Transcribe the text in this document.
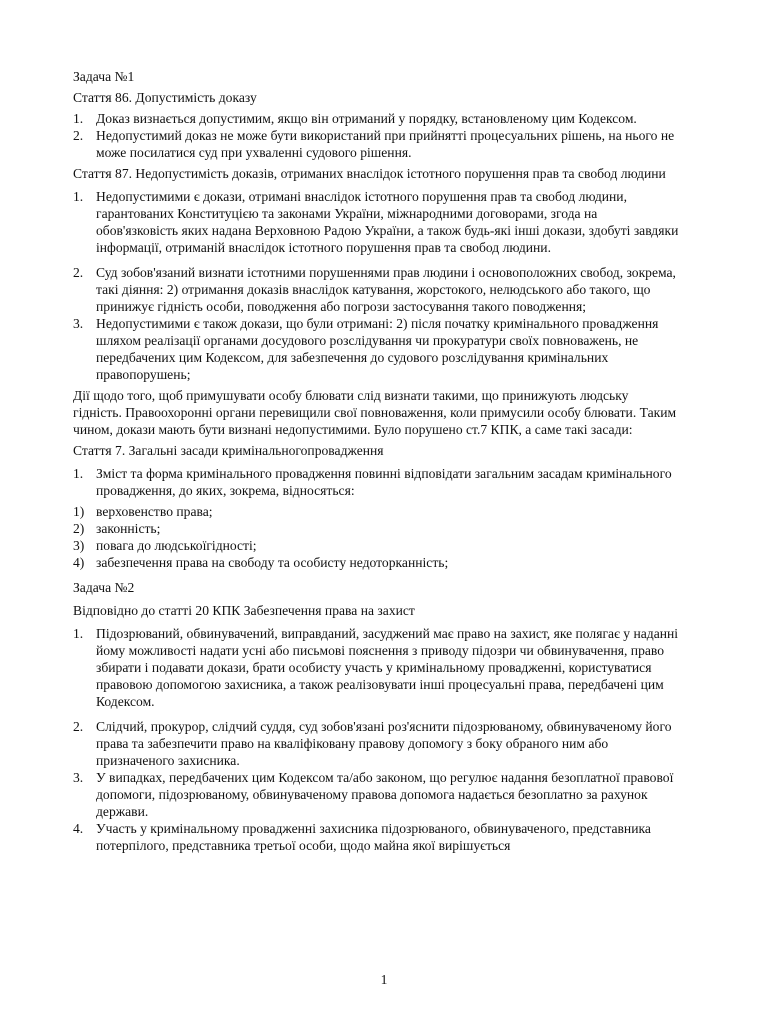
Задача №1

Стаття 86. Допустимість доказу

1. Доказ визнається допустимим, якщо він отриманий у порядку, встановленому цим Кодексом.
2. Недопустимий доказ не може бути використаний при прийнятті процесуальних рішень, на нього не може посилатися суд при ухваленні судового рішення.

Стаття 87. Недопустимість доказів, отриманих внаслідок істотного порушення прав та свобод людини

1. Недопустимими є докази, отримані внаслідок істотного порушення прав та свобод людини, гарантованих Конституцією та законами України, міжнародними договорами, згода на обов'язковість яких надана Верховною Радою України, а також будь-які інші докази, здобуті завдяки інформації, отриманій внаслідок істотного порушення прав та свобод людини.
2. Суд зобов'язаний визнати істотними порушеннями прав людини і основоположних свобод, зокрема, такі діяння: 2) отримання доказів внаслідок катування, жорстокого, нелюдського або такого, що принижує гідність особи, поводження або погрози застосування такого поводження;
3. Недопустимими є також докази, що були отримані: 2) після початку кримінального провадження шляхом реалізації органами досудового розслідування чи прокуратури своїх повноважень, не передбачених цим Кодексом, для забезпечення до судового розслідування кримінальних правопорушень;

Дії щодо того, щоб примушувати особу блювати слід визнати такими, що принижують людську гідність. Правоохоронні органи перевищили свої повноваження, коли примусили особу блювати. Таким чином, докази мають бути визнані недопустимими. Було порушено ст.7 КПК, а саме такі засади:

Стаття 7. Загальні засади кримінальногопровадження

1. Зміст та форма кримінального провадження повинні відповідати загальним засадам кримінального провадження, до яких, зокрема, відносяться:
1) верховенство права;
2) законність;
3) повага до людськоїгідності;
4) забезпечення права на свободу та особисту недоторканність;

Задача №2

Відповідно до статті 20 КПК Забезпечення права на захист

1. Підозрюваний, обвинувачений, виправданий, засуджений має право на захист, яке полягає у наданні йому можливості надати усні або письмові пояснення з приводу підозри чи обвинувачення, право збирати і подавати докази, брати особисту участь у кримінальному провадженні, користуватися правовою допомогою захисника, а також реалізовувати інші процесуальні права, передбачені цим Кодексом.
2. Слідчий, прокурор, слідчий суддя, суд зобов'язані роз'яснити підозрюваному, обвинуваченому його права та забезпечити право на кваліфіковану правову допомогу з боку обраного ним або призначеного захисника.
3. У випадках, передбачених цим Кодексом та/або законом, що регулює надання безоплатної правової допомоги, підозрюваному, обвинуваченому правова допомога надається безоплатно за рахунок держави.
4. Участь у кримінальному провадженні захисника підозрюваного, обвинуваченого, представника потерпілого, представника третьої особи, щодо майна якої вирішується
1
